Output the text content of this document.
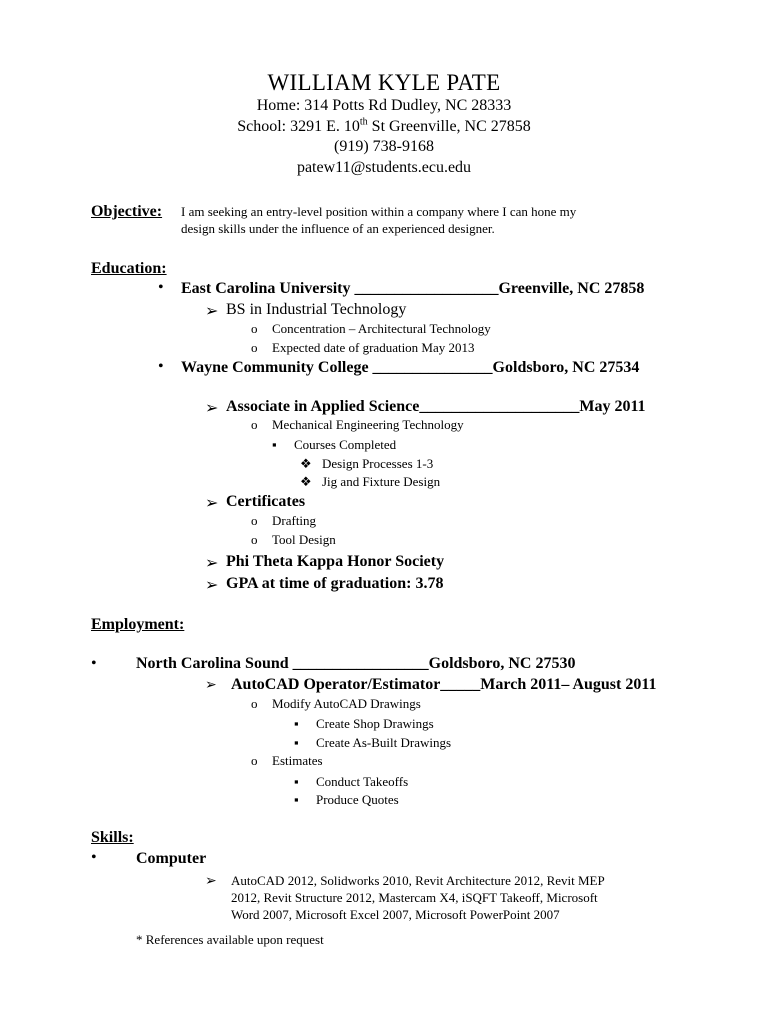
WILLIAM KYLE PATE
Home: 314 Potts Rd Dudley, NC 28333
School: 3291 E. 10th St Greenville, NC 27858
(919) 738-9168
patew11@students.ecu.edu
Objective: I am seeking an entry-level position within a company where I can hone my
design skills under the influence of an experienced designer.
Education:
• East Carolina University __________________Greenville, NC 27858
➢ BS in Industrial Technology
o Concentration – Architectural Technology
o Expected date of graduation May 2013
• Wayne Community College _______________Goldsboro, NC 27534
➢ Associate in Applied Science____________________May 2011
o Mechanical Engineering Technology
▪ Courses Completed
❖ Design Processes 1-3
❖ Jig and Fixture Design
➢ Certificates
o Drafting
o Tool Design
➢ Phi Theta Kappa Honor Society
➢ GPA at time of graduation: 3.78
Employment:
• North Carolina Sound _________________Goldsboro, NC 27530
➢ AutoCAD Operator/Estimator_____March 2011– August 2011
o Modify AutoCAD Drawings
▪ Create Shop Drawings
▪ Create As-Built Drawings
o Estimates
▪ Conduct Takeoffs
▪ Produce Quotes
Skills:
• Computer
➢ AutoCAD 2012, Solidworks 2010, Revit Architecture 2012, Revit MEP
2012, Revit Structure 2012, Mastercam X4, iSQFT Takeoff, Microsoft
Word 2007, Microsoft Excel 2007, Microsoft PowerPoint 2007
* References available upon request
